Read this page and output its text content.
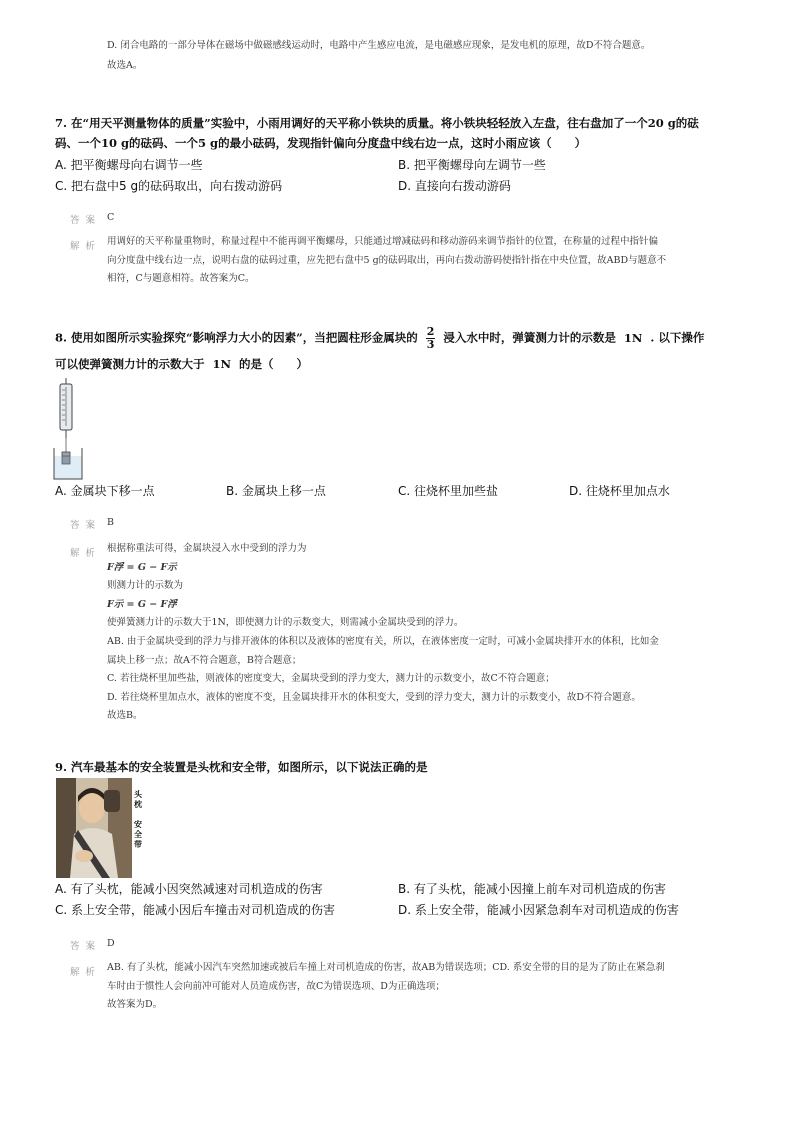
D. 闭合电路的一部分导体在磁场中做磁感线运动时，电路中产生感应电流，是电磁感应现象，是发电机的原理，故D不符合题意。
故选A。
7. 在“用天平测量物体的质量”实验中，小雨用调好的天平称小铁块的质量。将小铁块轻轻放入左盘，往右盘加了一个20 g的砝
码、一个10 g的砝码、一个5 g的最小砝码，发现指针偏向分度盘中线右边一点，这时小雨应该（　　）
A. 把平衡螺母向右调节一些	B. 把平衡螺母向左调节一些
C. 把右盘中5 g的砝码取出，向右拨动游码	D. 直接向右拨动游码
答案 C
解析 用调好的天平称量重物时，称量过程中不能再调平衡螺母，只能通过增减砝码和移动游码来调节指针的位置，在称量的过程中指针偏
向分度盘中线右边一点，说明右盘的砝码过重，应先把右盘中5 g的砝码取出，再向右拨动游码使指针指在中央位置，故ABD与题意不
相符，C与题意相符。故答案为C。
8. 使用如图所示实验探究“影响浮力大小的因素”，当把圆柱形金属块的 $\frac{2}{3}$ 浸入水中时，弹簧测力计的示数是 1N . 以下操作
可以使弹簧测力计的示数大于 1N 的是（　　）
A. 金属块下移一点	B. 金属块上移一点	C. 往烧杯里加些盐	D. 往烧杯里加点水
答案 B
解析 根据称重法可得，金属块浸入水中受到的浮力为
F浮 = G − F示
则测力计的示数为
F示 = G − F浮
使弹簧测力计的示数大于1N，即使测力计的示数变大，则需减小金属块受到的浮力。
AB. 由于金属块受到的浮力与排开液体的体积以及液体的密度有关，所以，在液体密度一定时，可减小金属块排开水的体积，比如金
属块上移一点；故A不符合题意，B符合题意；
C. 若往烧杯里加些盐，则液体的密度变大，金属块受到的浮力变大，测力计的示数变小，故C不符合题意；
D. 若往烧杯里加点水，液体的密度不变，且金属块排开水的体积变大，受到的浮力变大，测力计的示数变小，故D不符合题意。
故选B。
9. 汽车最基本的安全装置是头枕和安全带，如图所示，以下说法正确的是
头枕
安全带
A. 有了头枕，能减小因突然减速对司机造成的伤害	B. 有了头枕，能减小因撞上前车对司机造成的伤害
C. 系上安全带，能减小因后车撞击对司机造成的伤害	D. 系上安全带，能减小因紧急刹车对司机造成的伤害
答案 D
解析 AB. 有了头枕，能减小因汽车突然加速或被后车撞上对司机造成的伤害，故AB为错误选项；CD. 系安全带的目的是为了防止在紧急刹
车时由于惯性人会向前冲可能对人员造成伤害，故C为错误选项、D为正确选项；
故答案为D。
